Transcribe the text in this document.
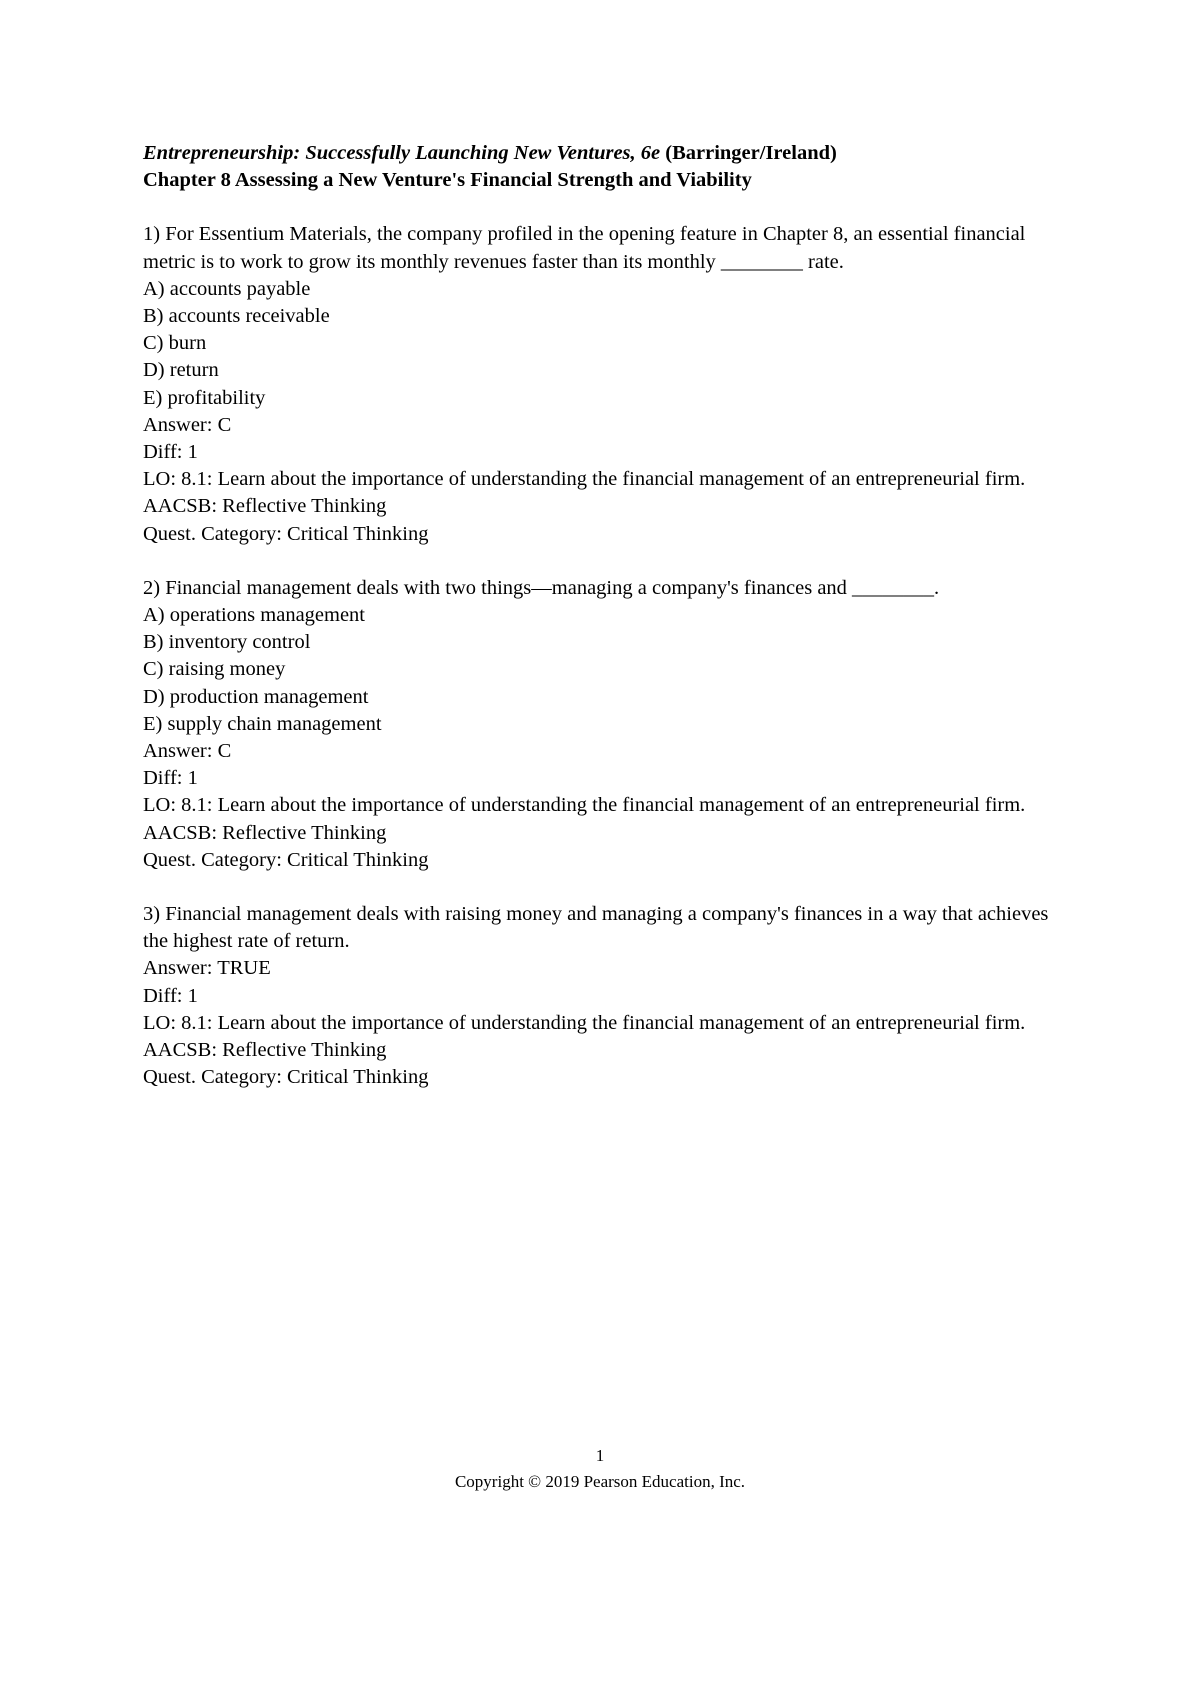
Entrepreneurship: Successfully Launching New Ventures, 6e (Barringer/Ireland)
Chapter 8 Assessing a New Venture's Financial Strength and Viability
1) For Essentium Materials, the company profiled in the opening feature in Chapter 8, an essential financial metric is to work to grow its monthly revenues faster than its monthly ________ rate.
A) accounts payable
B) accounts receivable
C) burn
D) return
E) profitability
Answer: C
Diff: 1
LO: 8.1: Learn about the importance of understanding the financial management of an entrepreneurial firm.
AACSB: Reflective Thinking
Quest. Category: Critical Thinking
2) Financial management deals with two things—managing a company's finances and ________.
A) operations management
B) inventory control
C) raising money
D) production management
E) supply chain management
Answer: C
Diff: 1
LO: 8.1: Learn about the importance of understanding the financial management of an entrepreneurial firm.
AACSB: Reflective Thinking
Quest. Category: Critical Thinking
3) Financial management deals with raising money and managing a company's finances in a way that achieves the highest rate of return.
Answer: TRUE
Diff: 1
LO: 8.1: Learn about the importance of understanding the financial management of an entrepreneurial firm.
AACSB: Reflective Thinking
Quest. Category: Critical Thinking
1
Copyright © 2019 Pearson Education, Inc.
